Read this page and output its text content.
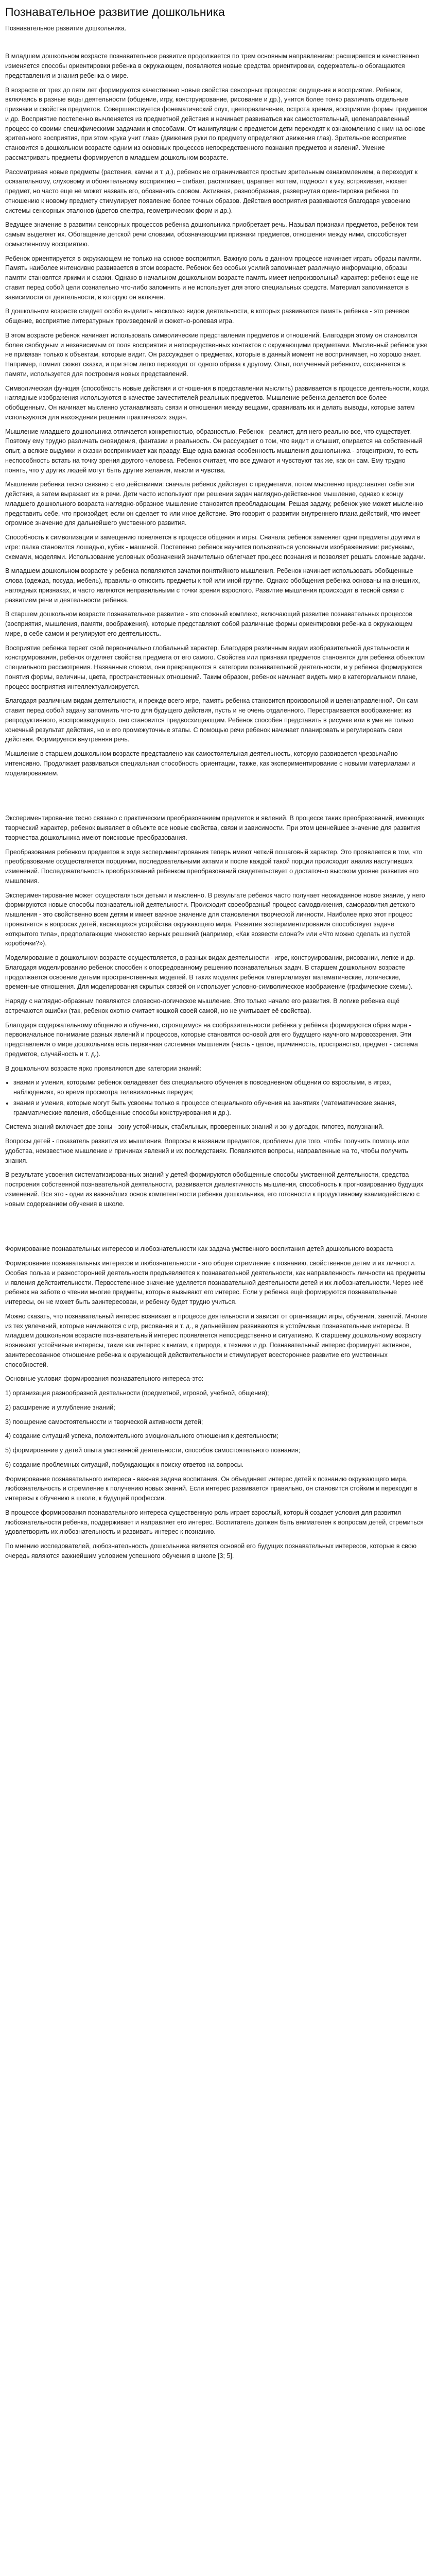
Познавательное развитие дошкольника

Познавательное развитие дошкольника.

В младшем дошкольном возрасте познавательное развитие продолжается по трем основным направлениям: расширяется и качественно изменяется способы ориентировки ребенка в окружающем, появляются новые средства ориентировки, содержательно обогащаются представления и знания ребенка о мире.

В возрасте от трех до пяти лет формируются качественно новые свойства сенсорных процессов: ощущения и восприятие. Ребенок, включаясь в разные виды деятельности (общение, игру, конструирование, рисование и др.), учится более тонко различать отдельные признаки и свойства предметов. Совершенствуется фонематический слух, цветоразличение, острота зрения, восприятие формы предметов и др. Восприятие постепенно вычленяется из предметной действия и начинает развиваться как самостоятельный, целенаправленный процесс со своими специфическими задачами и способами. От манипуляции с предметом дети переходят к ознакомлению с ним на основе зрительного восприятия, при этом «рука учит глаз» (движения руки по предмету определяют движения глаз). Зрительное восприятие становится в дошкольном возрасте одним из основных процессов непосредственного познания предметов и явлений. Умение рассматривать предметы формируется в младшем дошкольном возрасте.

Рассматривая новые предметы (растения, камни и т. д.), ребенок не ограничивается простым зрительным ознакомлением, а переходит к осязательному, слуховому и обонятельному восприятию – сгибает, растягивает, царапает ногтем, подносит к уху, встряхивает, нюхает предмет, но часто еще не может назвать его, обозначить словом. Активная, разнообразная, развернутая ориентировка ребенка по отношению к новому предмету стимулирует появление более точных образов. Действия восприятия развиваются благодаря усвоению системы сенсорных эталонов (цветов спектра, геометрических форм и др.).

Ведущее значение в развитии сенсорных процессов ребенка дошкольника приобретает речь. Называя признаки предметов, ребенок тем самым выделяет их. Обогащение детской речи словами, обозначающими признаки предметов, отношения между ними, способствует осмысленному восприятию.

Ребенок ориентируется в окружающем не только на основе восприятия. Важную роль в данном процессе начинает играть образы памяти. Память наиболее интенсивно развивается в этом возрасте. Ребенок без особых усилий запоминает различную информацию, образы памяти становятся яркими и сказки. Однако в начальном дошкольном возрасте память имеет непроизвольный характер: ребенок еще не ставит перед собой цели сознательно что-либо запомнить и не использует для этого специальных средств. Материал запоминается в зависимости от деятельности, в которую он включен.

В дошкольном возрасте следует особо выделить несколько видов деятельности, в которых развивается память ребенка - это речевое общение, восприятие литературных произведений и сюжетно-ролевая игра.

В этом возрасте ребенок начинает использовать символические представления предметов и отношений. Благодаря этому он становится более свободным и независимым от поля восприятия и непосредственных контактов с окружающими предметами. Мысленный ребенок уже не привязан только к объектам, которые видит. Он рассуждает о предметах, которые в данный момент не воспринимает, но хорошо знает. Например, помнит сюжет сказки, и при этом легко переходит от одного образа к другому. Опыт, полученный ребенком, сохраняется в памяти, используется для построения новых представлений.

Символическая функция (способность новые действия и отношения в представлении мыслить) развивается в процессе деятельности, когда наглядные изображения используются в качестве заместителей реальных предметов. Мышление ребенка делается все более обобщенным. Он начинает мысленно устанавливать связи и отношения между вещами, сравнивать их и делать выводы, которые затем используются для нахождения решения практических задач.

Мышление младшего дошкольника отличается конкретностью, образностью. Ребенок - реалист, для него реально все, что существует. Поэтому ему трудно различать сновидения, фантазии и реальность. Он рассуждает о том, что видит и слышит, опирается на собственный опыт, а всякие выдумки и сказки воспринимает как правду. Еще одна важная особенность мышления дошкольника - эгоцентризм, то есть неспособность встать на точку зрения другого человека. Ребенок считает, что все думают и чувствуют так же, как он сам. Ему трудно понять, что у других людей могут быть другие желания, мысли и чувства.

Мышление ребенка тесно связано с его действиями: сначала ребенок действует с предметами, потом мысленно представляет себе эти действия, а затем выражает их в речи. Дети часто используют при решении задач наглядно-действенное мышление, однако к концу младшего дошкольного возраста наглядно-образное мышление становится преобладающим. Решая задачу, ребенок уже может мысленно представить себе, что произойдет, если он сделает то или иное действие. Это говорит о развитии внутреннего плана действий, что имеет огромное значение для дальнейшего умственного развития.

Способность к символизации и замещению появляется в процессе общения и игры. Сначала ребенок заменяет одни предметы другими в игре: палка становится лошадью, кубик - машиной. Постепенно ребенок научится пользоваться условными изображениями: рисунками, схемами, моделями. Использование условных обозначений значительно облегчает процесс познания и позволяет решать сложные задачи.

В младшем дошкольном возрасте у ребенка появляются зачатки понятийного мышления. Ребенок начинает использовать обобщенные слова (одежда, посуда, мебель), правильно относить предметы к той или иной группе. Однако обобщения ребенка основаны на внешних, наглядных признаках, и часто являются неправильными с точки зрения взрослого. Развитие мышления происходит в тесной связи с развитием речи и деятельности ребенка.

В старшем дошкольном возрасте познавательное развитие - это сложный комплекс, включающий развитие познавательных процессов (восприятия, мышления, памяти, воображения), которые представляют собой различные формы ориентировки ребенка в окружающем мире, в себе самом и регулируют его деятельность.

Восприятие ребенка теряет свой первоначально глобальный характер. Благодаря различным видам изобразительной деятельности и конструирования, ребенок отделяет свойства предмета от его самого. Свойства или признаки предметов становятся для ребенка объектом специального рассмотрения. Названные словом, они превращаются в категории познавательной деятельности, и у ребенка формируются понятия формы, величины, цвета, пространственных отношений. Таким образом, ребенок начинает видеть мир в категориальном плане, процесс восприятия интеллектуализируется.

Благодаря различным видам деятельности, и прежде всего игре, память ребенка становится произвольной и целенаправленной. Он сам ставит перед собой задачу запомнить что-то для будущего действия, пусть и не очень отдаленного. Перестраивается воображение: из репродуктивного, воспроизводящего, оно становится предвосхищающим. Ребенок способен представить в рисунке или в уме не только конечный результат действия, но и его промежуточные этапы. С помощью речи ребенок начинает планировать и регулировать свои действия. Формируется внутренняя речь.

Мышление в старшем дошкольном возрасте представлено как самостоятельная деятельность, которую развивается чрезвычайно интенсивно. Продолжает развиваться специальная способность ориентации, также, как экспериментирование с новыми материалами и моделированием.

Экспериментирование тесно связано с практическим преобразованием предметов и явлений. В процессе таких преобразований, имеющих творческий характер, ребенок выявляет в объекте все новые свойства, связи и зависимости. При этом ценнейшее значение для развития творчества дошкольника имеют поисковые преобразования.

Преобразования ребенком предметов в ходе экспериментирования теперь имеют четкий пошаговый характер. Это проявляется в том, что преобразование осуществляется порциями, последовательными актами и после каждой такой порции происходит анализ наступивших изменений. Последовательность преобразований ребенком преобразований свидетельствует о достаточно высоком уровне развития его мышления.

Экспериментирование может осуществляться детьми и мысленно. В результате ребенок часто получает неожиданное новое знание, у него формируются новые способы познавательной деятельности. Происходит своеобразный процесс самодвижения, саморазвития детского мышления - это свойственно всем детям и имеет важное значение для становления творческой личности. Наиболее ярко этот процесс проявляется в вопросах детей, касающихся устройства окружающего мира. Развитие экспериментирования способствует задаче «открытого типа», предполагающие множество верных решений (например, «Как возвести слона?» или «Что можно сделать из пустой коробочки?»).

Моделирование в дошкольном возрасте осуществляется, в разных видах деятельности - игре, конструировании, рисовании, лепке и др. Благодаря моделированию ребенок способен к опосредованному решению познавательных задач. В старшем дошкольном возрасте продолжается освоение детьми пространственных моделей. В таких моделях ребенок материализует математические, логические, временные отношения. Для моделирования скрытых связей он использует условно-символическое изображение (графические схемы).

Наряду с наглядно-образным появляются словесно-логическое мышление. Это только начало его развития. В логике ребенка ещё встречаются ошибки (так, ребенок охотно считает кошкой своей самой, но не учитывает её свойства).

Благодаря содержательному общению и обучению, строящемуся на сообразительности ребёнка у ребёнка формируются образ мира - первоначальное понимание разных явлений и процессов, которые становятся основой для его будущего научного мировоззрения. Эти представления о мире дошкольника есть первичная системная мышления (часть - целое, причинность, пространство, предмет - система предметов, случайность и т. д.).

В дошкольном возрасте ярко проявляются две категории знаний:

• знания и умения, которыми ребенок овладевает без специального обучения в повседневном общении со взрослыми, в играх, наблюдениях, во время просмотра телевизионных передач;
• знания и умения, которые могут быть усвоены только в процессе специального обучения на занятиях (математические знания, грамматические явления, обобщенные способы конструирования и др.).

Система знаний включает две зоны - зону устойчивых, стабильных, проверенных знаний и зону догадок, гипотез, полузнаний.

Вопросы детей - показатель развития их мышления. Вопросы в названии предметов, проблемы для того, чтобы получить помощь или удобства, неизвестное мышление и причинах явлений и их последствиях. Появляются вопросы, направленные на то, чтобы получить знания.

В результате усвоения систематизированных знаний у детей формируются обобщенные способы умственной деятельности, средства построения собственной познавательной деятельности, развивается диалектичность мышления, способность к прогнозированию будущих изменений. Все это - одни из важнейших основ компетентности ребенка дошкольника, его готовности к продуктивному взаимодействию с новым содержанием обучения в школе.

Формирование познавательных интересов и любознательности как задача умственного воспитания детей дошкольного возраста

Формирование познавательных интересов и любознательности - это общее стремление к познанию, свойственное детям и их личности. Особая польза и разносторонней деятельности предъявляется к познавательной деятельности, как направленность личности на предметы и явления действительности. Первостепенное значение уделяется познавательной деятельности детей и их любознательности. Через неё ребенок на заботе о чтении многие предметы, которые вызывают его интерес. Если у ребенка ещё формируются познавательные интересы, он не может быть заинтересован, и ребенку будет трудно учиться.

Можно сказать, что познавательный интерес возникает в процессе деятельности и зависит от организации игры, обучения, занятий. Многие из тех увлечений, которые начинаются с игр, рисования и т. д., в дальнейшем развиваются в устойчивые познавательные интересы. В младшем дошкольном возрасте познавательный интерес проявляется непосредственно и ситуативно. К старшему дошкольному возрасту возникают устойчивые интересы, такие как интерес к книгам, к природе, к технике и др. Познавательный интерес формирует активное, заинтересованное отношение ребенка к окружающей действительности и стимулирует всестороннее развитие его умственных способностей.

Основные условия формирования познавательного интереса-это:

1) организация разнообразной деятельности (предметной, игровой, учебной, общения);

2) расширение и углубление знаний;

3) поощрение самостоятельности и творческой активности детей;

4) создание ситуаций успеха, положительного эмоционального отношения к деятельности;

5) формирование у детей опыта умственной деятельности, способов самостоятельного познания;

6) создание проблемных ситуаций, побуждающих к поиску ответов на вопросы.

Формирование познавательного интереса - важная задача воспитания. Он объединяет интерес детей к познанию окружающего мира, любознательность и стремление к получению новых знаний. Если интерес развивается правильно, он становится стойким и переходит в интересы к обучению в школе, к будущей профессии.

В процессе формирования познавательного интереса существенную роль играет взрослый, который создает условия для развития любознательности ребенка, поддерживает и направляет его интерес. Воспитатель должен быть внимателен к вопросам детей, стремиться удовлетворить их любознательность и развивать интерес к познанию.

По мнению исследователей, любознательность дошкольника является основой его будущих познавательных интересов, которые в свою очередь являются важнейшим условием успешного обучения в школе [3; 5].
